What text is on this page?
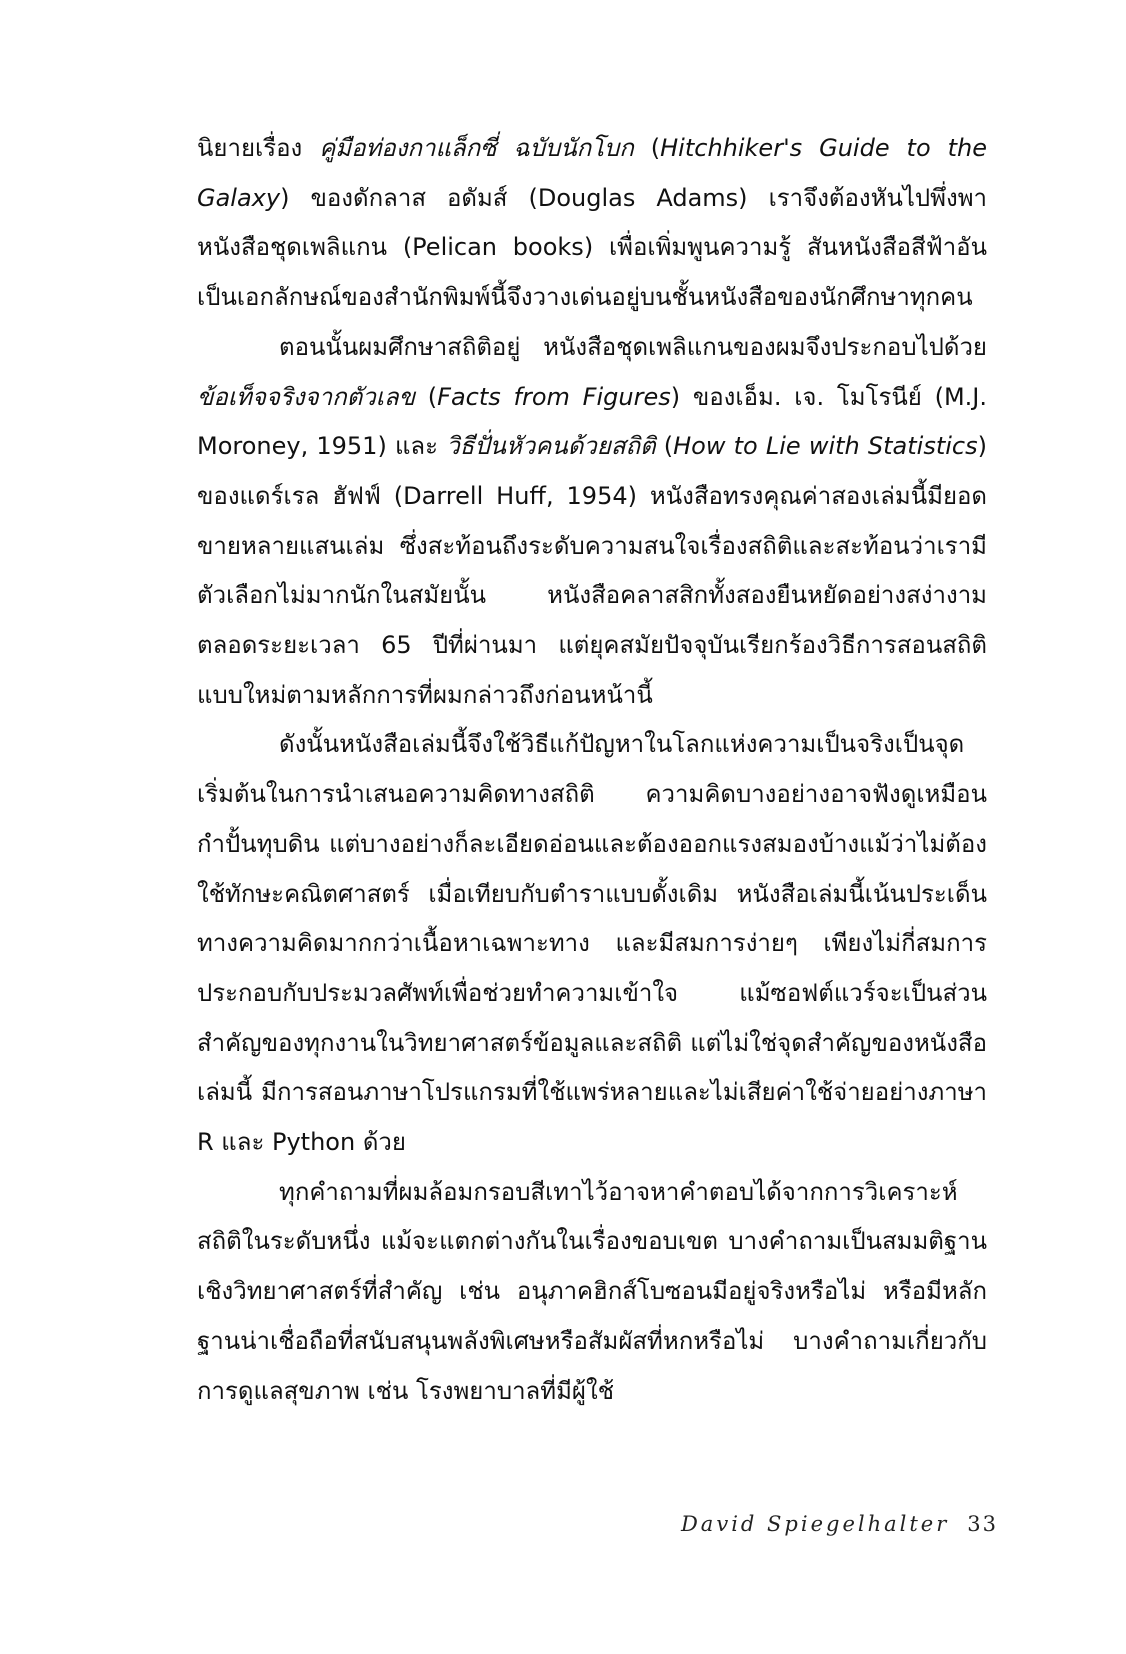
นิยายเรื่อง คู่มือท่องกาแล็กซี่ ฉบับนักโบก (Hitchhiker's Guide to the Galaxy) ของดักลาส อดัมส์ (Douglas Adams) เราจึงต้องหันไปพึ่งพาหนังสือชุดเพลิแกน (Pelican books) เพื่อเพิ่มพูนความรู้ สันหนังสือสีฟ้าอันเป็นเอกลักษณ์ของสำนักพิมพ์นี้จึงวางเด่นอยู่บนชั้นหนังสือของนักศึกษาทุกคน

ตอนนั้นผมศึกษาสถิติอยู่ หนังสือชุดเพลิแกนของผมจึงประกอบไปด้วย ข้อเท็จจริงจากตัวเลข (Facts from Figures) ของเอ็ม. เจ. โมโรนีย์ (M.J. Moroney, 1951) และ วิธีปั่นหัวคนด้วยสถิติ (How to Lie with Statistics) ของแดร์เรล ฮัฟฟ์ (Darrell Huff, 1954) หนังสือทรงคุณค่าสองเล่มนี้มียอดขายหลายแสนเล่ม ซึ่งสะท้อนถึงระดับความสนใจเรื่องสถิติและสะท้อนว่าเรามีตัวเลือกไม่มากนักในสมัยนั้น หนังสือคลาสสิกทั้งสองยืนหยัดอย่างสง่างามตลอดระยะเวลา 65 ปีที่ผ่านมา แต่ยุคสมัยปัจจุบันเรียกร้องวิธีการสอนสถิติแบบใหม่ตามหลักการที่ผมกล่าวถึงก่อนหน้านี้

ดังนั้นหนังสือเล่มนี้จึงใช้วิธีแก้ปัญหาในโลกแห่งความเป็นจริงเป็นจุดเริ่มต้นในการนำเสนอความคิดทางสถิติ ความคิดบางอย่างอาจฟังดูเหมือนกำปั้นทุบดิน แต่บางอย่างก็ละเอียดอ่อนและต้องออกแรงสมองบ้างแม้ว่าไม่ต้องใช้ทักษะคณิตศาสตร์ เมื่อเทียบกับตำราแบบดั้งเดิม หนังสือเล่มนี้เน้นประเด็นทางความคิดมากกว่าเนื้อหาเฉพาะทาง และมีสมการง่ายๆ เพียงไม่กี่สมการ ประกอบกับประมวลศัพท์เพื่อช่วยทำความเข้าใจ แม้ซอฟต์แวร์จะเป็นส่วนสำคัญของทุกงานในวิทยาศาสตร์ข้อมูลและสถิติ แต่ไม่ใช่จุดสำคัญของหนังสือเล่มนี้ มีการสอนภาษาโปรแกรมที่ใช้แพร่หลายและไม่เสียค่าใช้จ่ายอย่างภาษา R และ Python ด้วย

ทุกคำถามที่ผมล้อมกรอบสีเทาไว้อาจหาคำตอบได้จากการวิเคราะห์สถิติในระดับหนึ่ง แม้จะแตกต่างกันในเรื่องขอบเขต บางคำถามเป็นสมมติฐานเชิงวิทยาศาสตร์ที่สำคัญ เช่น อนุภาคฮิกส์โบซอนมีอยู่จริงหรือไม่ หรือมีหลักฐานน่าเชื่อถือที่สนับสนุนพลังพิเศษหรือสัมผัสที่หกหรือไม่ บางคำถามเกี่ยวกับการดูแลสุขภาพ เช่น โรงพยาบาลที่มีผู้ใช้

David Spiegelhalter 33
